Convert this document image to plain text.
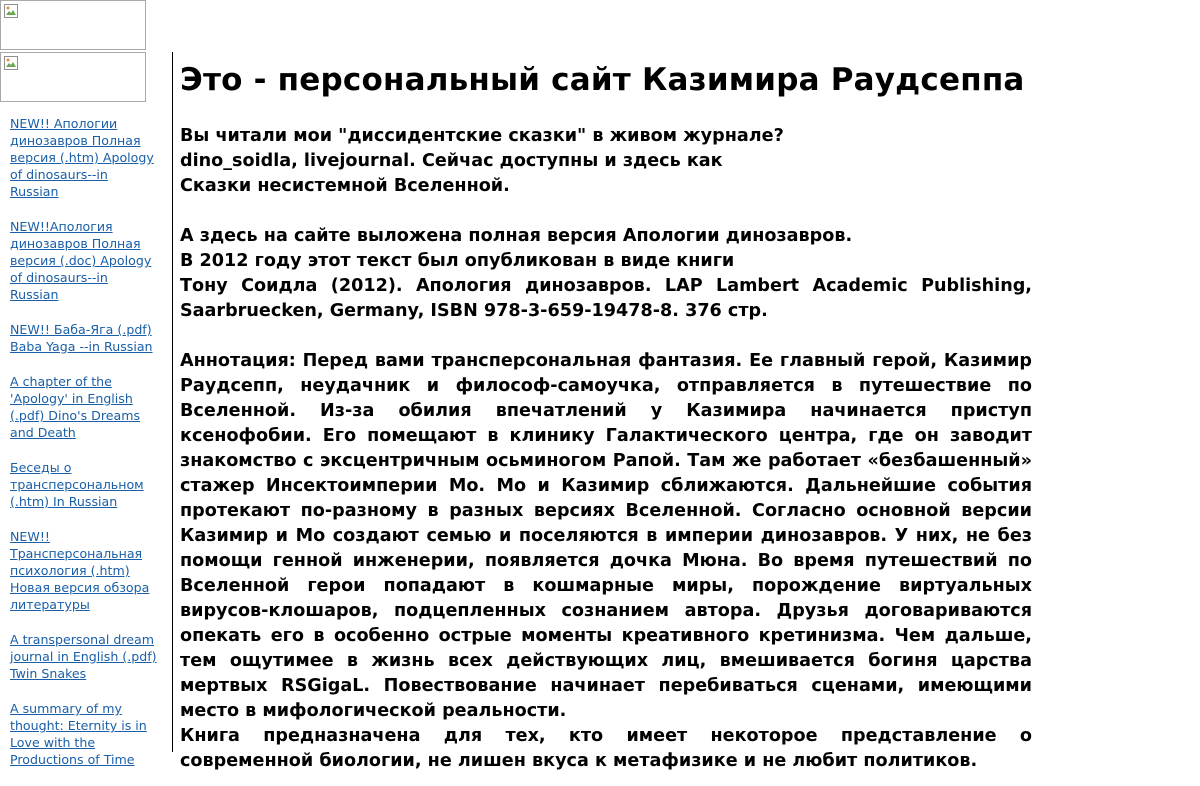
NEW!! Апологии динозавров Полная версия (.htm) Apology of dinosaurs--in Russian
NEW!!Апология динозавров Полная версия (.doc) Apology of dinosaurs--in Russian
NEW!! Баба-Яга (.pdf) Baba Yaga --in Russian
A chapter of the 'Apology' in English (.pdf) Dino's Dreams and Death
Беседы о трансперсональном (.htm) In Russian
NEW!! Трансперсональная психология (.htm) Новая версия обзора литературы
A transpersonal dream journal in English (.pdf) Twin Snakes
A summary of my thought: Eternity is in Love with the Productions of Time
Это - персональный сайт Казимира Раудсеппа

Вы читали мои "диссидентские сказки" в живом журнале?
dino_soidla, livejournal. Сейчас доступны и здесь как
Сказки несистемной Вселенной.

А здесь на сайте выложена полная версия Апологии динозавров.
В 2012 году этот текст был опубликован в виде книги
Тону Соидла (2012). Апология динозавров. LAP Lambert Academic Publishing, Saarbruecken, Germany, ISBN 978-3-659-19478-8. 376 стр.

Аннотация: Перед вами трансперсональная фантазия. Ее главный герой, Казимир Раудсепп, неудачник и философ-самоучка, отправляется в путешествие по Вселенной. Из-за обилия впечатлений у Казимира начинается приступ ксенофобии. Его помещают в клинику Галактического центра, где он заводит знакомство с эксцентричным осьминогом Рапой. Там же работает «безбашенный» стажер Инсектоимперии Мо. Мо и Казимир сближаются. Дальнейшие события протекают по-разному в разных версиях Вселенной. Согласно основной версии Казимир и Мо создают семью и поселяются в империи динозавров. У них, не без помощи генной инженерии, появляется дочка Мюна. Во время путешествий по Вселенной герои попадают в кошмарные миры, порождение виртуальных вирусов-клошаров, подцепленных сознанием автора. Друзья договариваются опекать его в особенно острые моменты креативного кретинизма. Чем дальше, тем ощутимее в жизнь всех действующих лиц, вмешивается богиня царства мертвых RSGigaL. Повествование начинает перебиваться сценами, имеющими место в мифологической реальности.

Книга предназначена для тех, кто имеет некоторое представление о современной биологии, не лишен вкуса к метафизике и не любит политиков.
